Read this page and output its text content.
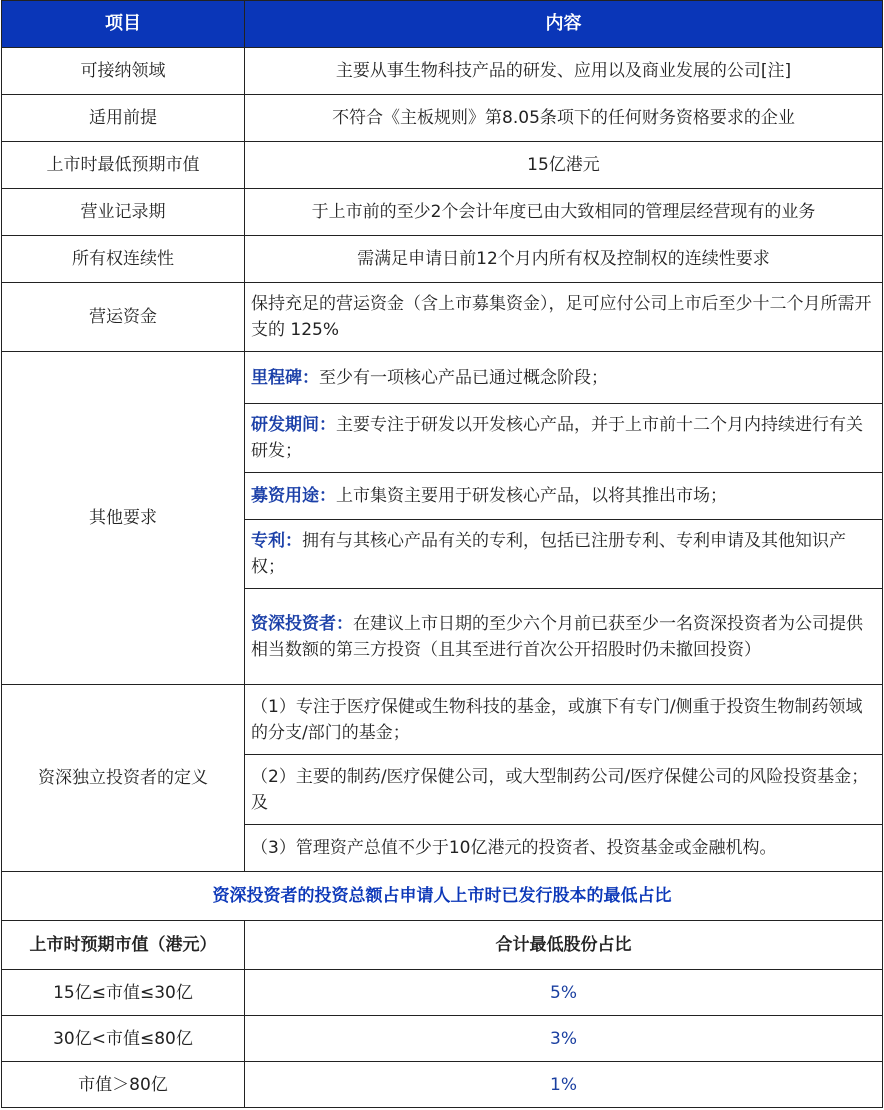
项目	内容
可接纳领域	主要从事生物科技产品的研发、应用以及商业发展的公司[注]
适用前提	不符合《主板规则》第8.05条项下的任何财务资格要求的企业
上市时最低预期市值	15亿港元
营业记录期	于上市前的至少2个会计年度已由大致相同的管理层经营现有的业务
所有权连续性	需满足申请日前12个月内所有权及控制权的连续性要求
营运资金	保持充足的营运资金（含上市募集资金），足可应付公司上市后至少十二个月所需开支的 125%
其他要求	里程碑：至少有一项核心产品已通过概念阶段；
	研发期间：主要专注于研发以开发核心产品，并于上市前十二个月内持续进行有关研发；
	募资用途：上市集资主要用于研发核心产品，以将其推出市场；
	专利：拥有与其核心产品有关的专利，包括已注册专利、专利申请及其他知识产权；
	资深投资者：在建议上市日期的至少六个月前已获至少一名资深投资者为公司提供相当数额的第三方投资（且其至进行首次公开招股时仍未撤回投资）
资深独立投资者的定义	（1）专注于医疗保健或生物科技的基金，或旗下有专门/侧重于投资生物制药领域的分支/部门的基金；
	（2）主要的制药/医疗保健公司，或大型制药公司/医疗保健公司的风险投资基金；及
	（3）管理资产总值不少于10亿港元的投资者、投资基金或金融机构。
资深投资者的投资总额占申请人上市时已发行股本的最低占比	
上市时预期市值（港元）	合计最低股份占比
15亿≤市值≤30亿	5%
30亿<市值≤80亿	3%
市值＞80亿	1%
